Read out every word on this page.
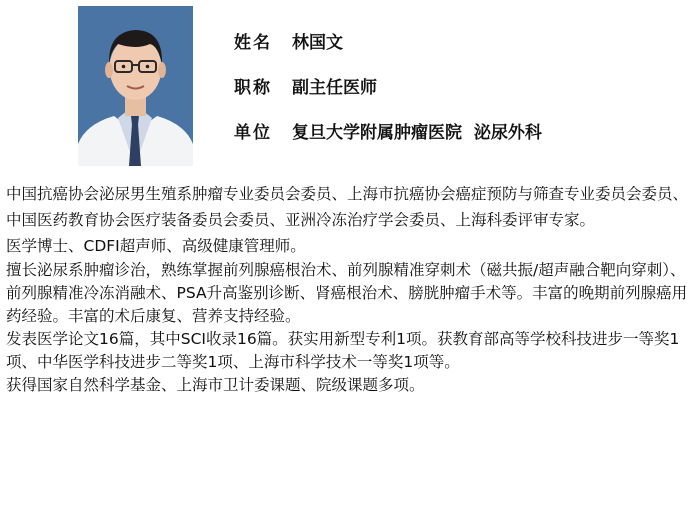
姓名	林国文
职称	副主任医师
单位	复旦大学附属肿瘤医院  泌尿外科

中国抗癌协会泌尿男生殖系肿瘤专业委员会委员、上海市抗癌协会癌症预防与筛查专业委员会委员、中国医药教育协会医疗装备委员会委员、亚洲冷冻治疗学会委员、上海科委评审专家。

医学博士、CDFI超声师、高级健康管理师。

擅长泌尿系肿瘤诊治，熟练掌握前列腺癌根治术、前列腺精准穿刺术（磁共振/超声融合靶向穿刺）、前列腺精准冷冻消融术、PSA升高鉴别诊断、肾癌根治术、膀胱肿瘤手术等。丰富的晚期前列腺癌用药经验。丰富的术后康复、营养支持经验。

发表医学论文16篇，其中SCI收录16篇。获实用新型专利1项。获教育部高等学校科技进步一等奖1项、中华医学科技进步二等奖1项、上海市科学技术一等奖1项等。

获得国家自然科学基金、上海市卫计委课题、院级课题多项。
